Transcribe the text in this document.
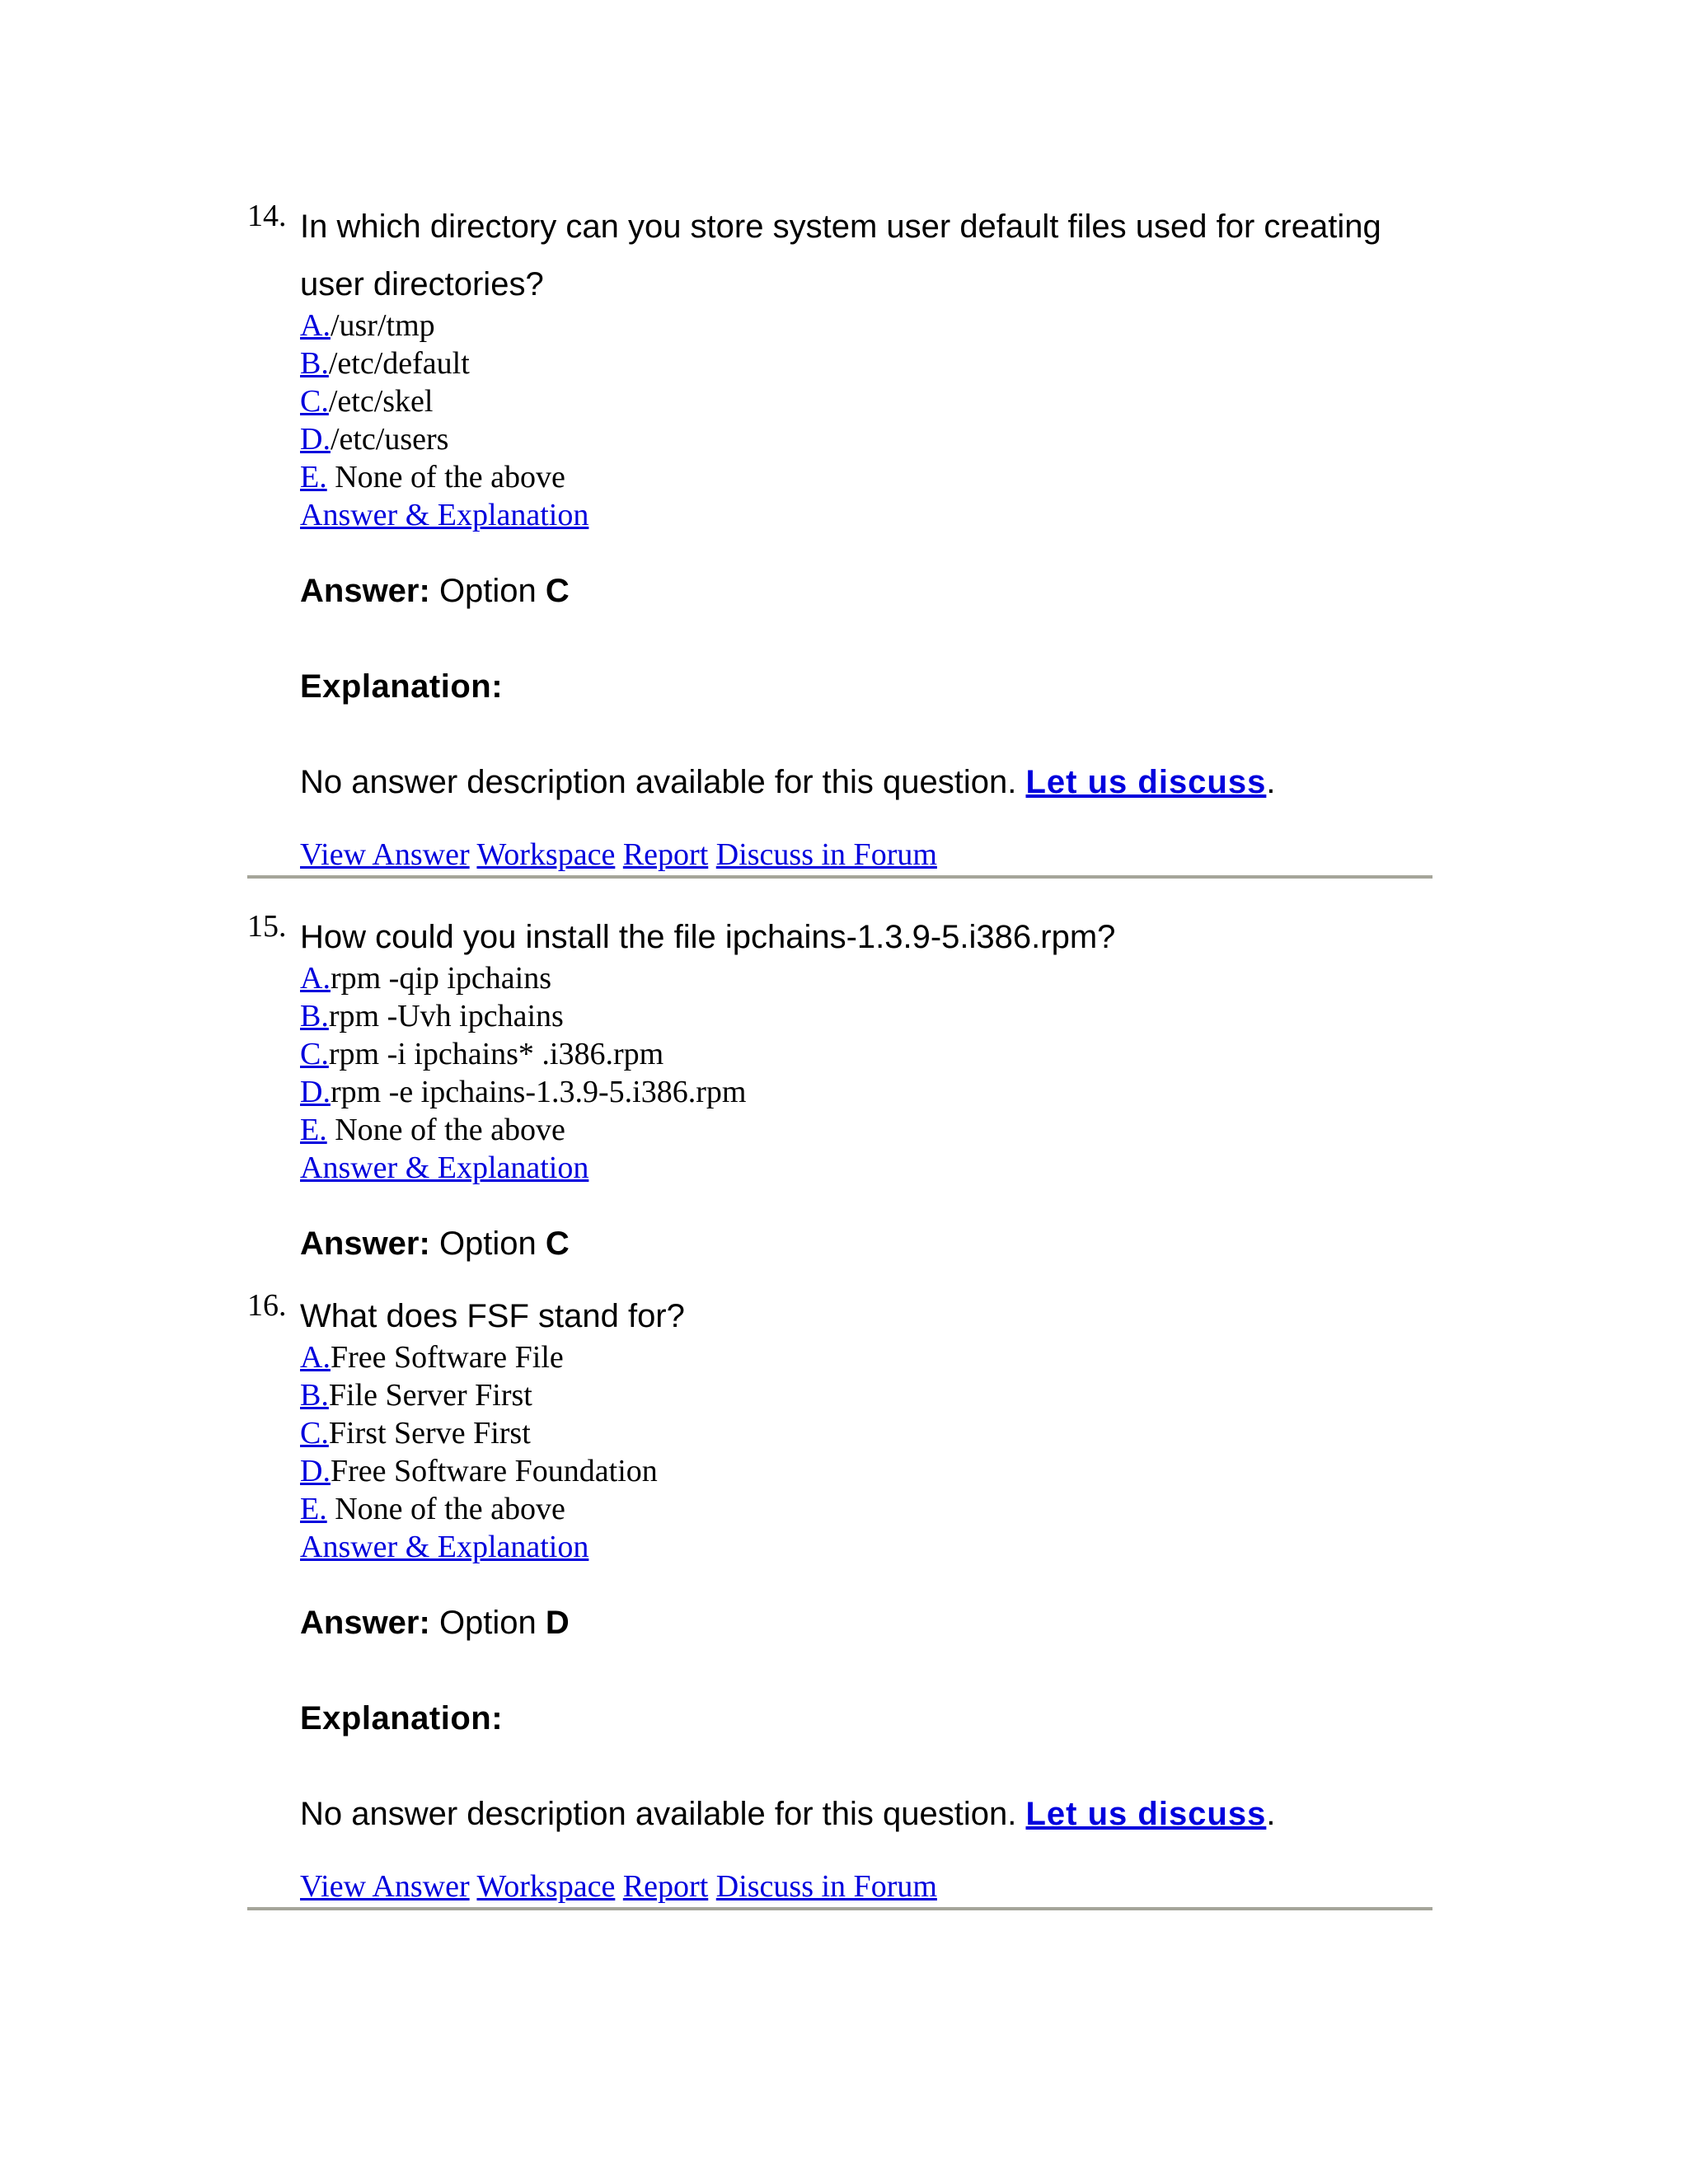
14. In which directory can you store system user default files used for creating user directories?
A./usr/tmp
B./etc/default
C./etc/skel
D./etc/users
E. None of the above
Answer & Explanation
Answer: Option C
Explanation:
No answer description available for this question. Let us discuss.
View Answer Workspace Report Discuss in Forum
15. How could you install the file ipchains-1.3.9-5.i386.rpm?
A.rpm -qip ipchains
B.rpm -Uvh ipchains
C.rpm -i ipchains* .i386.rpm
D.rpm -e ipchains-1.3.9-5.i386.rpm
E. None of the above
Answer & Explanation
Answer: Option C
16. What does FSF stand for?
A.Free Software File
B.File Server First
C.First Serve First
D.Free Software Foundation
E. None of the above
Answer & Explanation
Answer: Option D
Explanation:
No answer description available for this question. Let us discuss.
View Answer Workspace Report Discuss in Forum
